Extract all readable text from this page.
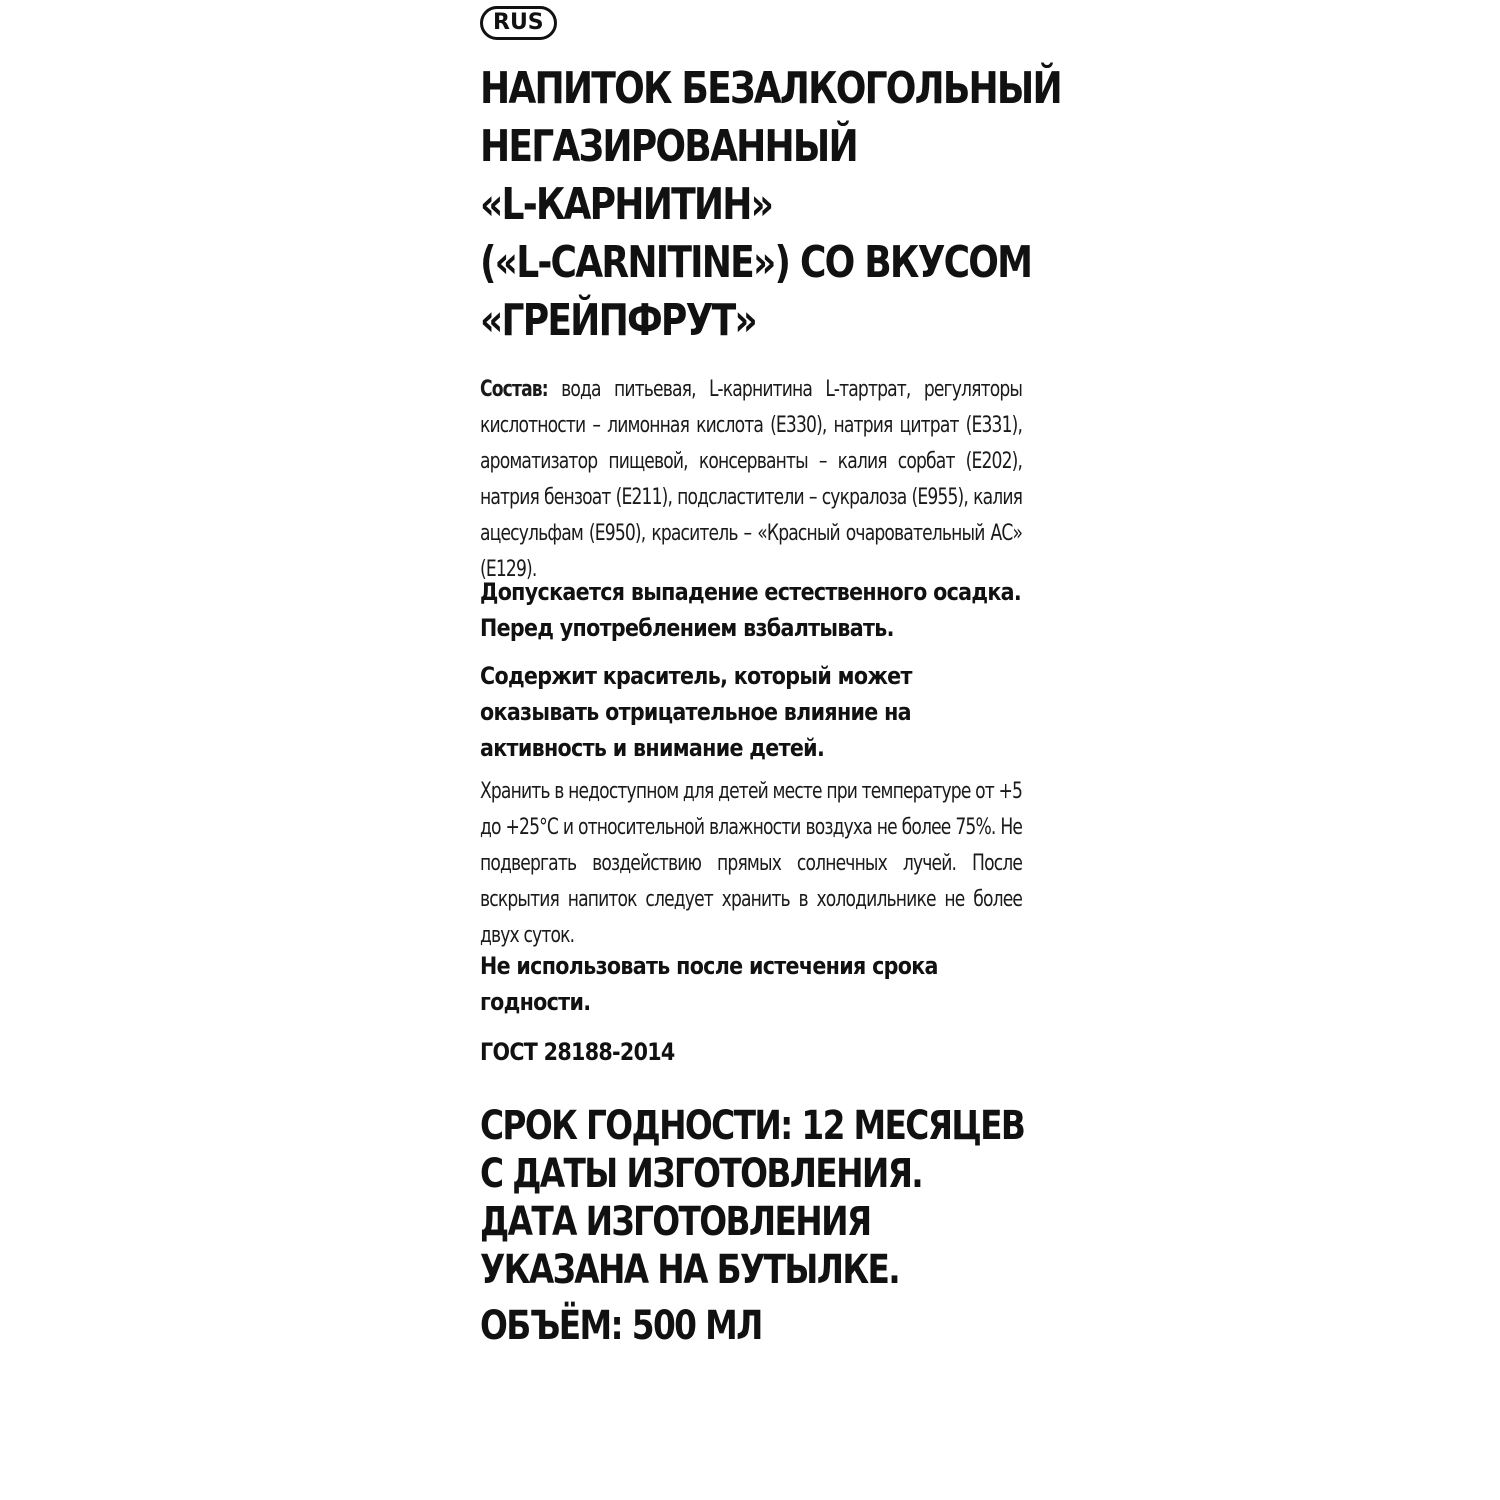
RUS
НАПИТОК БЕЗАЛКОГОЛЬНЫЙ
НЕГАЗИРОВАННЫЙ
«L-КАРНИТИН»
(«L-CARNITINE») СО ВКУСОМ
«ГРЕЙПФРУТ»

Состав: вода питьевая, L-карнитина L-тартрат, регуляторы кислотности – лимонная кислота (Е330), натрия цитрат (Е331), ароматизатор пищевой, консерванты – калия сорбат (Е202), натрия бензоат (Е211), подсластители – сукралоза (Е955), калия ацесульфам (Е950), краситель – «Красный очаровательный АС» (Е129).

Допускается выпадение естественного осадка. Перед употреблением взбалтывать.

Содержит краситель, который может оказывать отрицательное влияние на активность и внимание детей.

Хранить в недоступном для детей месте при температуре от +5 до +25°С и относительной влажности воздуха не более 75%. Не подвергать воздействию прямых солнечных лучей. После вскрытия напиток следует хранить в холодильнике не более двух суток.

Не использовать после истечения срока годности.

ГОСТ 28188-2014

СРОК ГОДНОСТИ: 12 МЕСЯЦЕВ
С ДАТЫ ИЗГОТОВЛЕНИЯ.
ДАТА ИЗГОТОВЛЕНИЯ
УКАЗАНА НА БУТЫЛКЕ.
ОБЪЁМ: 500 МЛ
